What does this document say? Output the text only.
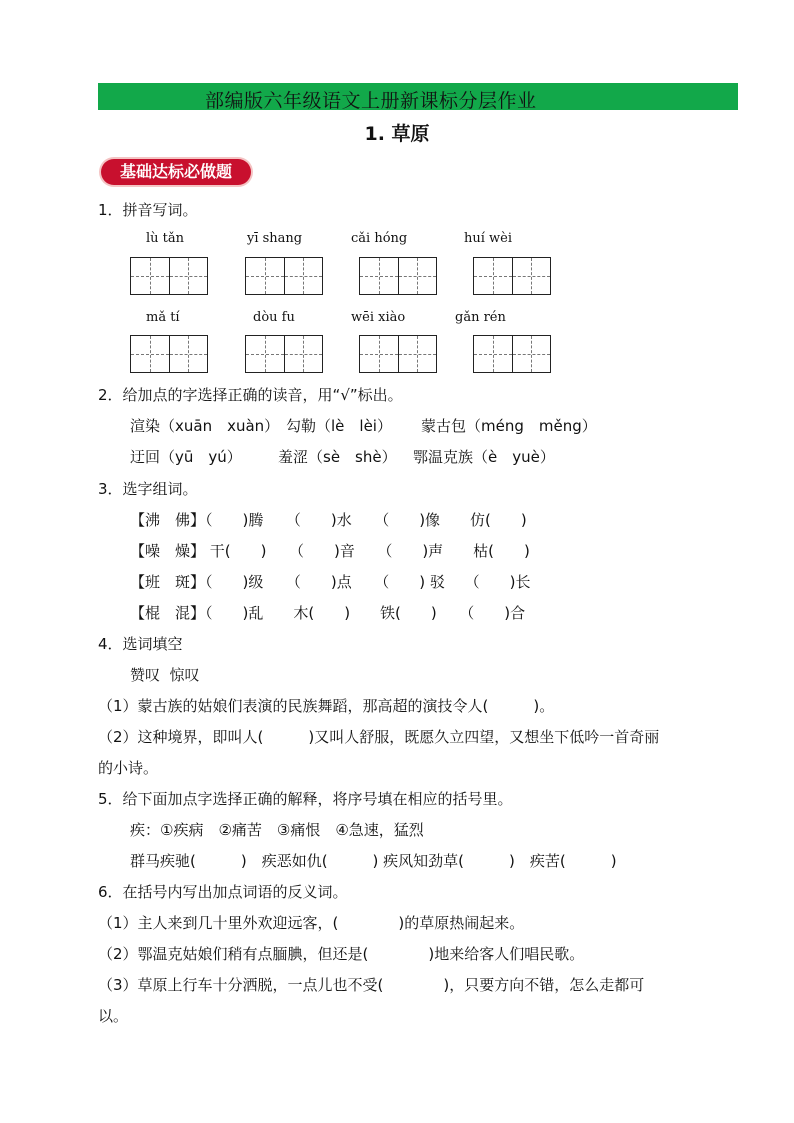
部编版六年级语文上册新课标分层作业
1. 草原
基础达标必做题
1．拼音写词。
lù tǎn	yī shang	cǎi hóng	huí wèi
mǎ tí	dòu fu	wēi xiào	gǎn rén
2．给加点的字选择正确的读音，用“√”标出。
渲染（xuān　xuàn） 勾勒（lè　lèi） 蒙古包（méng　měng）
迂回（yū　yú） 羞涩（sè　shè） 鄂温克族（è　yuè）
3．选字组词。
【沸　佛】（　　)腾　　（　　)水　　（　　)像　　仿(　　)
【噪　燥】 干(　　)　　（　　)音　　（　　)声　　枯(　　)
【班　斑】（　　)级　　（　　)点　　（　　) 驳　 （　　)长
【棍　混】（　　)乱　　木(　　)　　铁(　　)　　（　　)合
4．选词填空
赞叹  惊叹
（1）蒙古族的姑娘们表演的民族舞蹈，那高超的演技令人(　　　)。
（2）这种境界，即叫人(　　　)又叫人舒服，既愿久立四望，又想坐下低吟一首奇丽
的小诗。
5．给下面加点字选择正确的解释，将序号填在相应的括号里。
疾：①疾病　②痛苦　③痛恨　④急速，猛烈
群马疾驰(　　　)　疾恶如仇(　　　) 疾风知劲草(　　　)　疾苦(　　　)
6．在括号内写出加点词语的反义词。
（1）主人来到几十里外欢迎远客，(　　　　)的草原热闹起来。
（2）鄂温克姑娘们稍有点腼腆，但还是(　　　　)地来给客人们唱民歌。
（3）草原上行车十分洒脱，一点儿也不受(　　　　)，只要方向不错，怎么走都可
以。
